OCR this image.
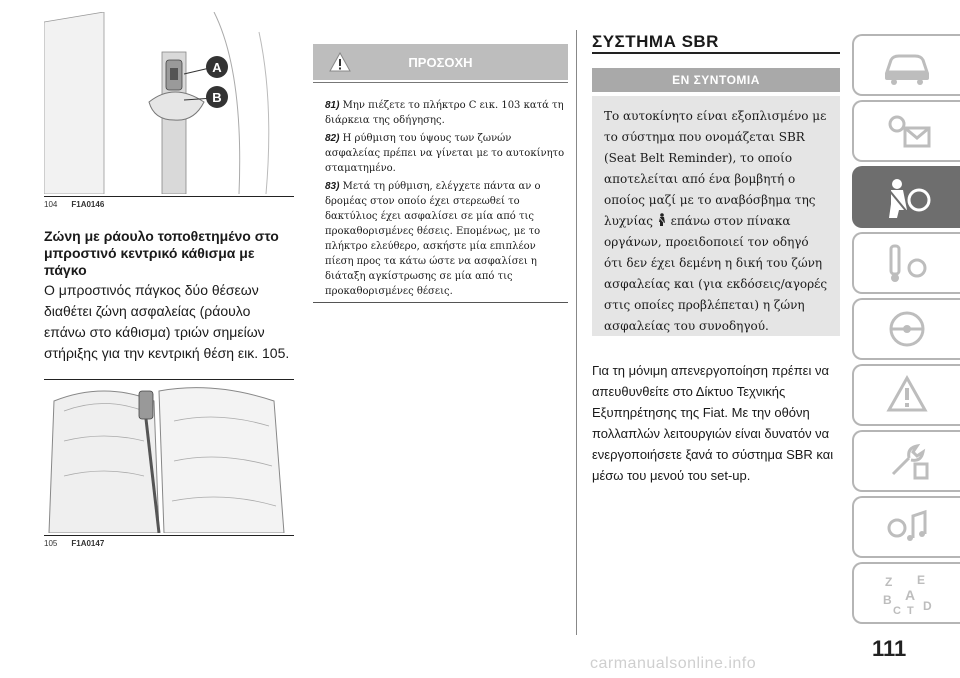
A
B
104 F1A0146
Ζώνη με ράουλο τοποθετημένο στο μπροστινό κεντρικό κάθισμα με πάγκο
Ο μπροστινός πάγκος δύο θέσεων διαθέτει ζώνη ασφαλείας (ράουλο επάνω στο κάθισμα) τριών σημείων στήριξης για την κεντρική θέση εικ. 105.
105 F1A0147
ΠΡΟΣΟΧΗ

81) Μην πιέζετε το πλήκτρο C εικ. 103 κατά τη διάρκεια της οδήγησης.

82) Η ρύθμιση του ύψους των ζωνών ασφαλείας πρέπει να γίνεται με το αυτοκίνητο σταματημένο.

83) Μετά τη ρύθμιση, ελέγχετε πάντα αν ο δρομέας στον οποίο έχει στερεωθεί το δακτύλιος έχει ασφαλίσει σε μία από τις προκαθορισμένες θέσεις. Επομένως, με το πλήκτρο ελεύθερο, ασκήστε μία επιπλέον πίεση προς τα κάτω ώστε να ασφαλίσει η διάταξη αγκίστρωσης σε μία από τις προκαθορισμένες θέσεις.

ΣΥΣΤΗΜΑ SBR
ΕΝ ΣΥΝΤΟΜΙΑ
Το αυτοκίνητο είναι εξοπλισμένο με το σύστημα που ονομάζεται SBR (Seat Belt Reminder), το οποίο αποτελείται από ένα βομβητή ο οποίος μαζί με το αναβόσβημα της λυχνίας επάνω στον πίνακα οργάνων, προειδοποιεί τον οδηγό ότι δεν έχει δεμένη η δική του ζώνη ασφαλείας και (για εκδόσεις/αγορές στις οποίες προβλέπεται) η ζώνη ασφαλείας του συνοδηγού.
Για τη μόνιμη απενεργοποίηση πρέπει να απευθυνθείτε στο Δίκτυο Τεχνικής Εξυπηρέτησης της Fiat. Με την οθόνη πολλαπλών λειτουργιών είναι δυνατόν να ενεργοποιήσετε ξανά το σύστημα SBR και μέσω του μενού του set-up.
Z E
B A
C T D
111
carmanualsonline.info
